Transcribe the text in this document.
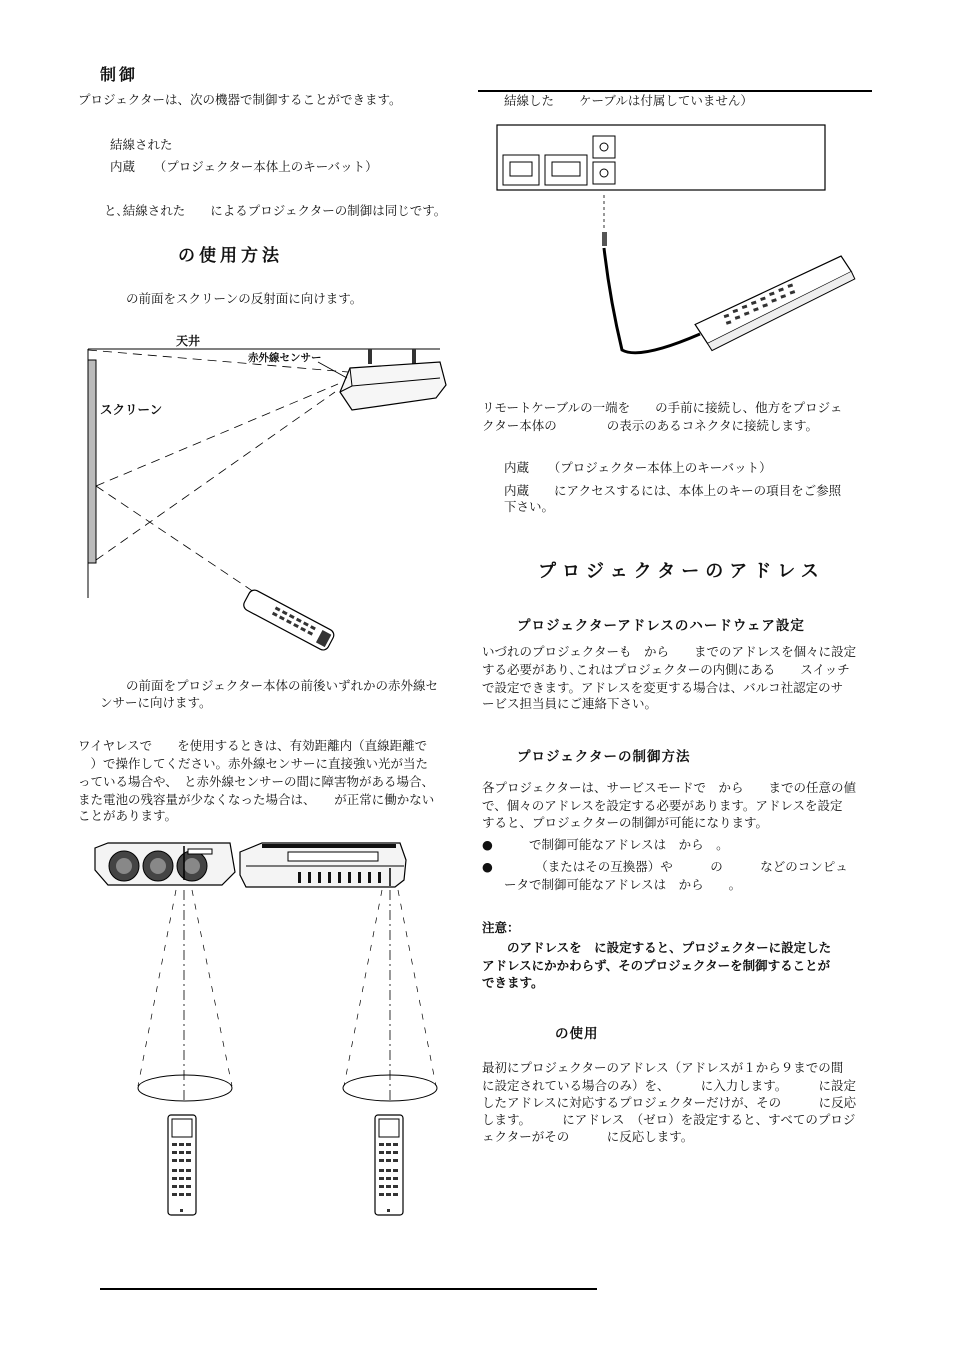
制御
プロジェクターは、次の機器で制御することができます。
結線された
内蔵　　（プロジェクター本体上のキーバット）
と､結線された　　によるプロジェクターの制御は同じです。
の使用方法
の前面をスクリーンの反射面に向けます。
天井
赤外線センサー
スクリーン
の前面をプロジェクター本体の前後いずれかの赤外線セ
ンサーに向けます。
ワイヤレスで　　を使用するときは、有効距離内（直線距離で
　）で操作してください。赤外線センサーに直接強い光が当た
っている場合や、　と赤外線センサーの間に障害物がある場合、
また電池の残容量が少なくなった場合は、　　が正常に働かない
ことがあります。
結線した　　ケーブルは付属していません）
リモートケーブルの一端を　　の手前に接続し、他方をプロジェ
クター本体の　　　　の表示のあるコネクタに接続します。
内蔵　　（プロジェクター本体上のキーバット）
内蔵　　にアクセスするには、本体上のキーの項目をご参照
下さい。
プロジェクターのアドレス
プロジェクターアドレスのハードウェア設定
いづれのプロジェクターも　から　　までのアドレスを個々に設定
する必要があり､これはプロジェクターの内側にある　　スイッチ
で設定できます。アドレスを変更する場合は、バルコ社認定のサ
ービス担当員にご連絡下さい。
プロジェクターの制御方法
各プロジェクターは、サービスモードで　から　　までの任意の値
で、個々のアドレスを設定する必要があります。アドレスを設定
すると、プロジェクターの制御が可能になります。
● 　　で制御可能なアドレスは　から　。
● 　　　（またはその互換器）や　　　の　　　などのコンピュ
ータで制御可能なアドレスは　から　　。
注意：
　　のアドレスを　に設定すると、プロジェクターに設定した
アドレスにかかわらず、そのプロジェクターを制御することが
できます。
の使用
最初にプロジェクターのアドレス（アドレスが１から９までの間
に設定されている場合のみ）を、　　　に入力します。　　　に設定
したアドレスに対応するプロジェクターだけが、その　　　に反応
します。　　　にアドレス　（ゼロ）を設定すると、すべてのプロジ
ェクターがその　　　に反応します。
